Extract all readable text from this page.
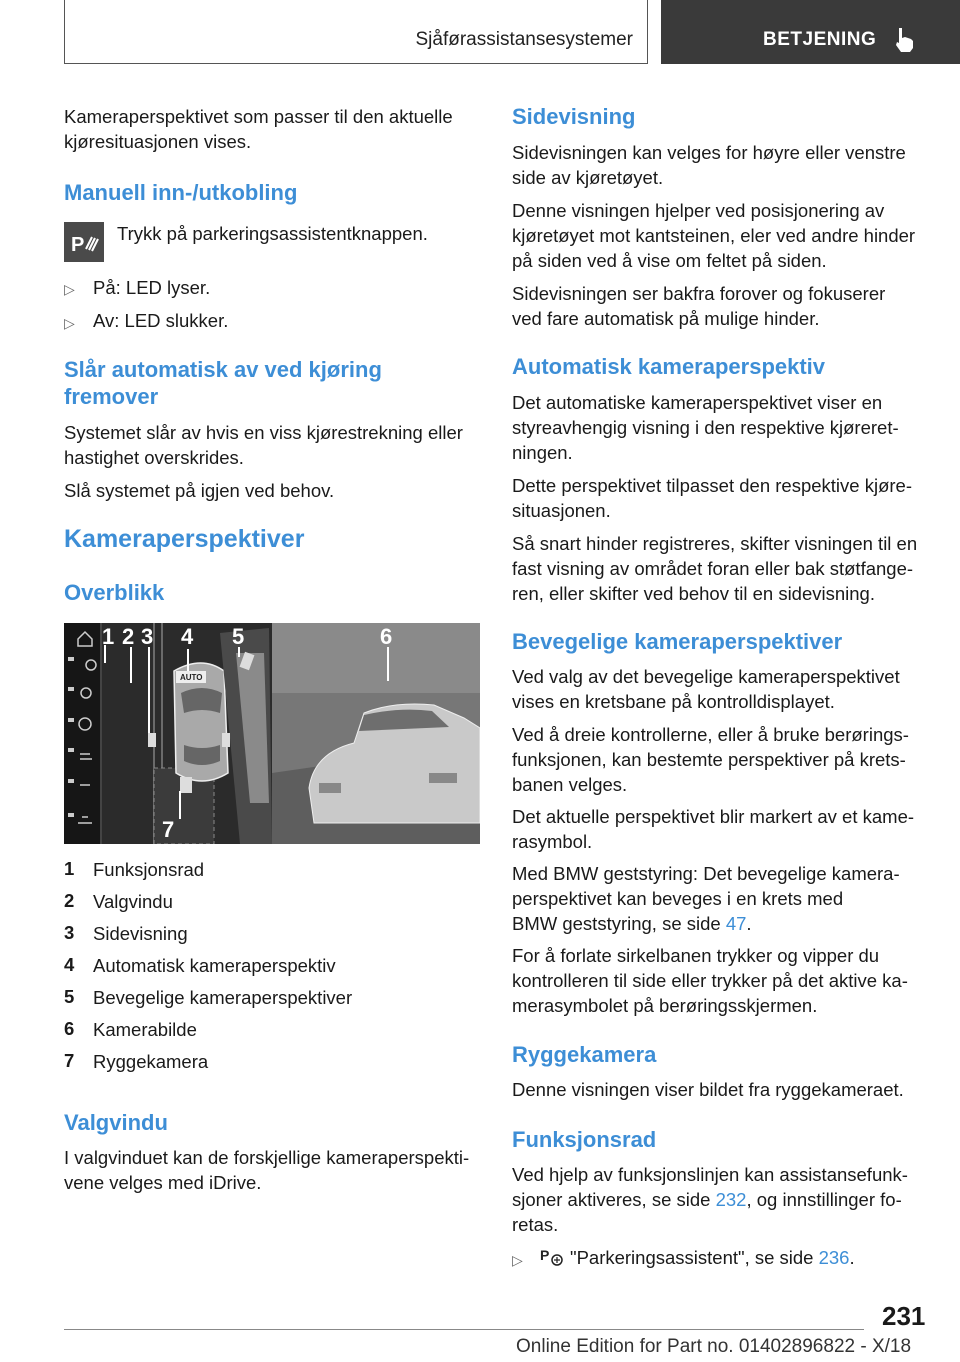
Sjåførassistansesystemer	BETJENING

Kameraperspektivet som passer til den aktuelle

kjøresituasjonen vises.

Manuell inn-/utkobling

P

Trykk på parkeringsassistentknappen.

▷ På: LED lyser.

▷ Av: LED slukker.

Slår automatisk av ved kjøring

fremover

Systemet slår av hvis en viss kjørestrekning eller

hastighet overskrides.

Slå systemet på igjen ved behov.

Kameraperspektiver

Overblikk

AUTO
1 2 3 4 5	6
7
1 Funksjonsrad

2 Valgvindu

3 Sidevisning

4 Automatisk kameraperspektiv

5 Bevegelige kameraperspektiver

6 Kamerabilde

7 Ryggekamera

Valgvindu

I valgvinduet kan de forskjellige kameraperspekti-

vene velges med iDrive.

Sidevisning

Sidevisningen kan velges for høyre eller venstre

side av kjøretøyet.

Denne visningen hjelper ved posisjonering av

kjøretøyet mot kantsteinen, eler ved andre hinder

på siden ved å vise om feltet på siden.

Sidevisningen ser bakfra forover og fokuserer

ved fare automatisk på mulige hinder.

Automatisk kameraperspektiv

Det automatiske kameraperspektivet viser en

styreavhengig visning i den respektive kjøreret-

ningen.

Dette perspektivet tilpasset den respektive kjøre-

situasjonen.

Så snart hinder registreres, skifter visningen til en

fast visning av området foran eller bak støtfange-

ren, eller skifter ved behov til en sidevisning.

Bevegelige kameraperspektiver

Ved valg av det bevegelige kameraperspektivet

vises en kretsbane på kontrolldisplayet.

Ved å dreie kontrollerne, eller å bruke berørings-

funksjonen, kan bestemte perspektiver på krets-

banen velges.

Det aktuelle perspektivet blir markert av et kame-

rasymbol.

Med BMW geststyring: Det bevegelige kamera-

perspektivet kan beveges i en krets med

BMW geststyring, se side 47.

For å forlate sirkelbanen trykker og vipper du

kontrolleren til side eller trykker på det aktive ka-

merasymbolet på berøringsskjermen.

Ryggekamera

Denne visningen viser bildet fra ryggekameraet.

Funksjonsrad

Ved hjelp av funksjonslinjen kan assistansefunk-

sjoner aktiveres, se side 232, og innstillinger fo-

retas.

▷ P "Parkeringsassistent", se side 236.

231
Online Edition for Part no. 01402896822 - X/18
